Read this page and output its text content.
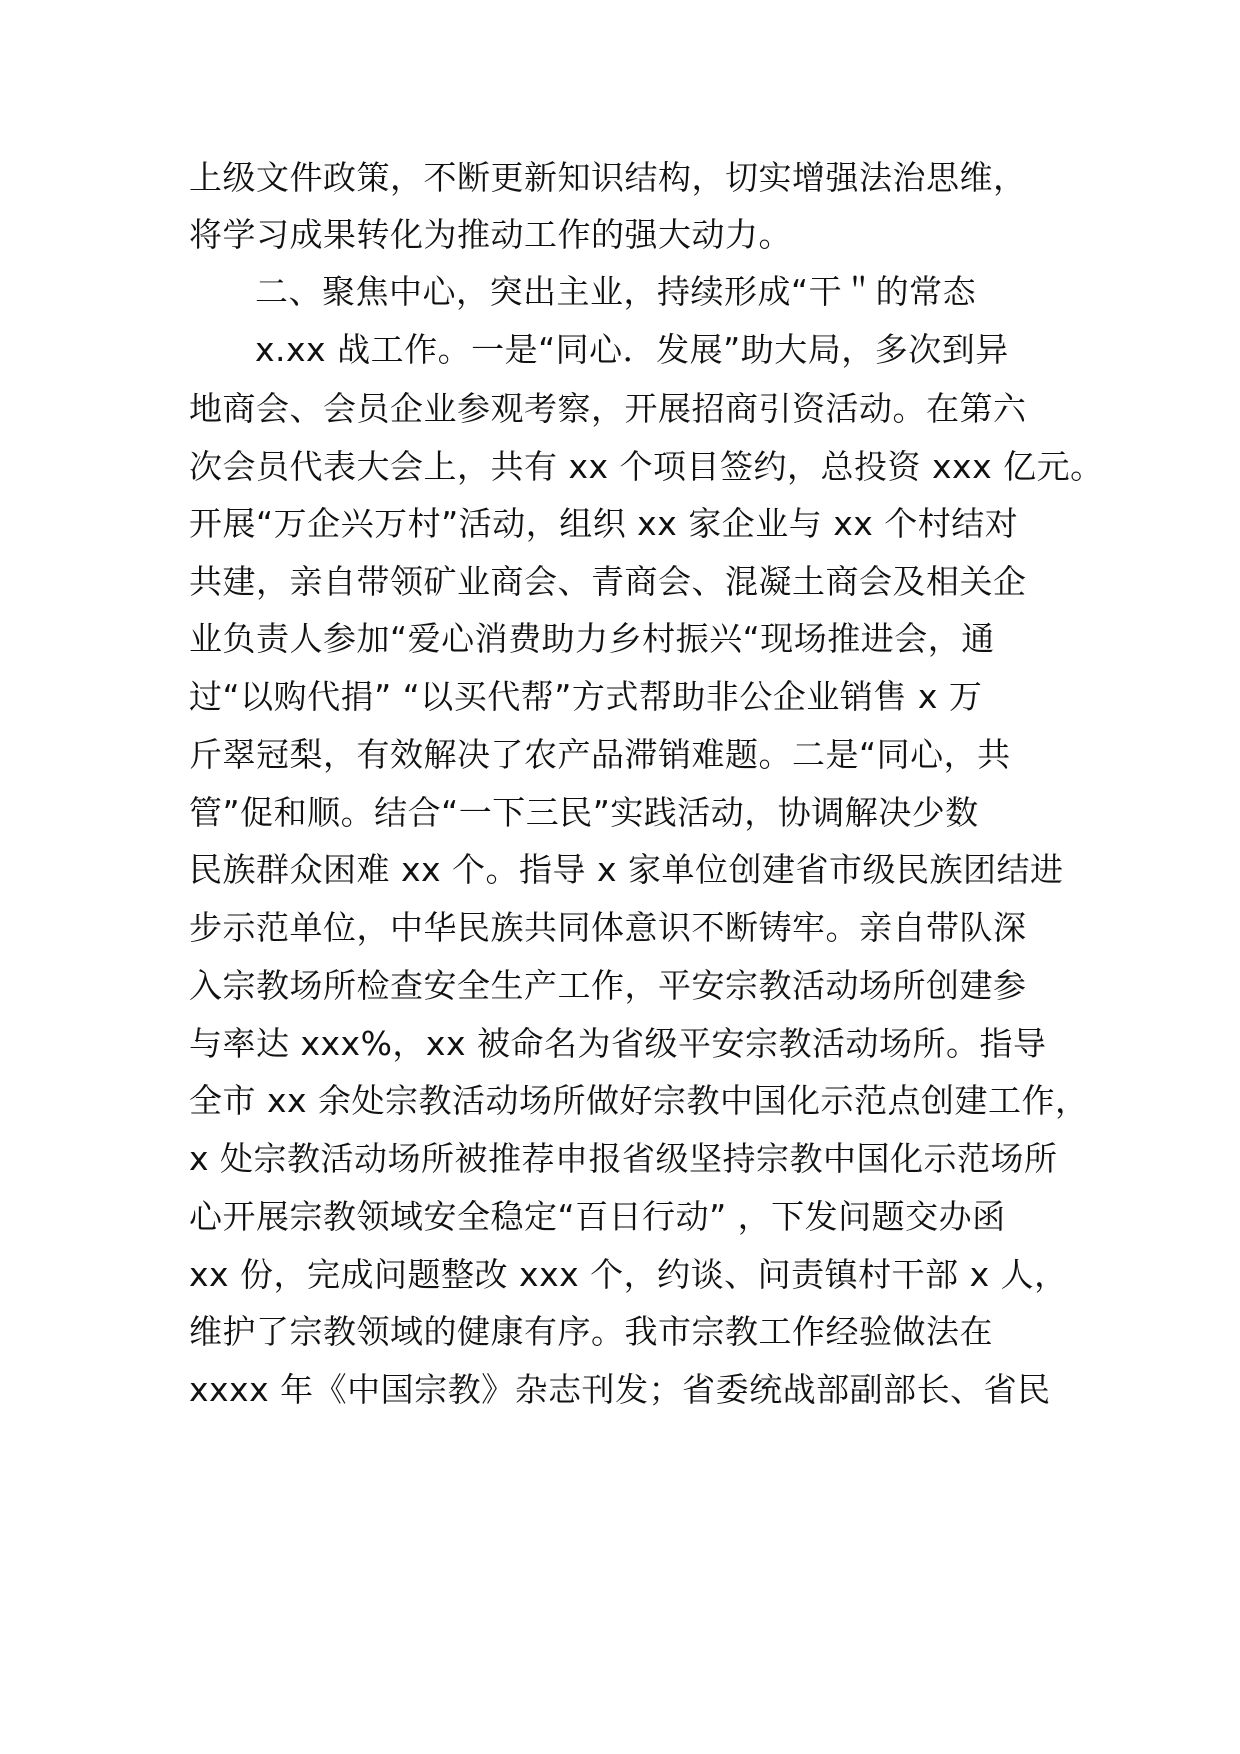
上级文件政策，不断更新知识结构，切实增强法治思维，
将学习成果转化为推动工作的强大动力。
二、聚焦中心，突出主业，持续形成“干＂的常态
x.xx 战工作。一是“同心．发展”助大局，多次到异
地商会、会员企业参观考察，开展招商引资活动。在第六
次会员代表大会上，共有 xx 个项目签约，总投资 xxx 亿元。
开展“万企兴万村”活动，组织 xx 家企业与 xx 个村结对
共建，亲自带领矿业商会、青商会、混凝土商会及相关企
业负责人参加“爱心消费助力乡村振兴“现场推进会，通
过“以购代捐” “以买代帮”方式帮助非公企业销售 x 万
斤翠冠梨，有效解决了农产品滞销难题。二是“同心，共
管”促和顺。结合“一下三民”实践活动，协调解决少数
民族群众困难 xx 个。指导 x 家单位创建省市级民族团结进
步示范单位，中华民族共同体意识不断铸牢。亲自带队深
入宗教场所检查安全生产工作，平安宗教活动场所创建参
与率达 xxx%，xx 被命名为省级平安宗教活动场所。指导
全市 xx 余处宗教活动场所做好宗教中国化示范点创建工作，
x 处宗教活动场所被推荐申报省级坚持宗教中国化示范场所
心开展宗教领域安全稳定“百日行动” ，下发问题交办函
xx 份，完成问题整改 xxx 个，约谈、问责镇村干部 x 人，
维护了宗教领域的健康有序。我市宗教工作经验做法在
xxxx 年《中国宗教》杂志刊发；省委统战部副部长、省民
